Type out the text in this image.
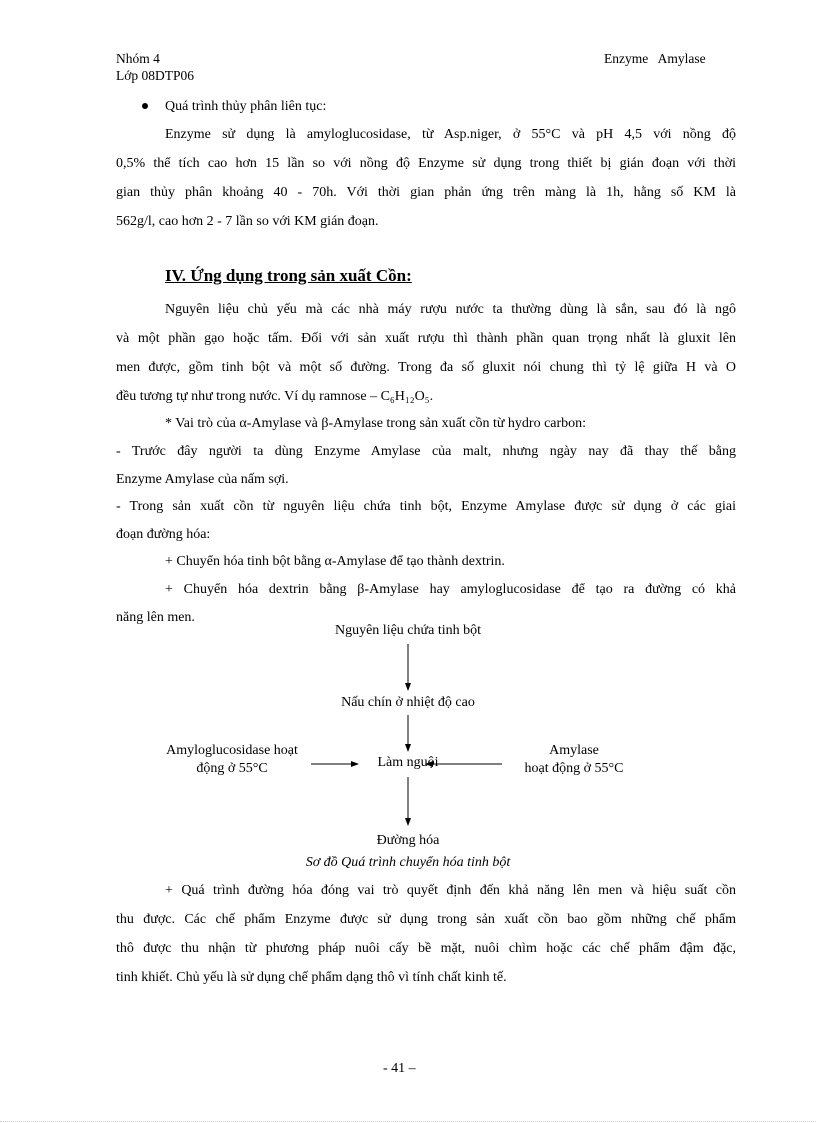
Nhóm 4
Lớp 08DTP06
Enzyme   Amylase
Quá trình thủy phân liên tục:
Enzyme sử dụng là amyloglucosidase, từ Asp.niger, ở 55°C và pH 4,5 với nồng độ
0,5% thể tích cao hơn 15 lần so với nồng độ Enzyme sử dụng trong thiết bị gián đoạn với thời
gian thủy phân khoảng 40 - 70h. Với thời gian phản ứng trên màng là 1h, hằng số KM là
562g/l, cao hơn 2 - 7 lần so với KM gián đoạn.
IV. Ứng dụng trong sản xuất Cồn:
Nguyên liệu chủ yếu mà các nhà máy rượu nước ta thường dùng là sắn, sau đó là ngô
và một phần gạo hoặc tấm. Đối với sản xuất rượu thì thành phần quan trọng nhất là gluxit lên
men được, gồm tinh bột và một số đường. Trong đa số gluxit nói chung thì tỷ lệ giữa H và O
đều tương tự như trong nước. Ví dụ ramnose – C₆H₁₂O₅.
* Vai trò của α-Amylase và β-Amylase trong sản xuất cồn từ hydro carbon:
- Trước đây người ta dùng Enzyme Amylase của malt, nhưng ngày nay đã thay thế bằng
Enzyme Amylase của nấm sợi.
- Trong sản xuất cồn từ nguyên liệu chứa tinh bột, Enzyme Amylase được sử dụng ở các giai
đoạn đường hóa:
+ Chuyển hóa tinh bột bằng α-Amylase để tạo thành dextrin.
+ Chuyển hóa dextrin bằng β-Amylase hay amyloglucosidase để tạo ra đường có khả
năng lên men.
Nguyên liệu chứa tinh bột
Nấu chín ở nhiệt độ cao
Làm nguội
Đường hóa
Amyloglucosidase hoạt
động ở 55°C
Amylase
hoạt động ở 55°C
Sơ đồ Quá trình chuyển hóa tinh bột
+ Quá trình đường hóa đóng vai trò quyết định đến khả năng lên men và hiệu suất cồn
thu được. Các chế phẩm Enzyme được sử dụng trong sản xuất cồn bao gồm những chế phẩm
thô được thu nhận từ phương pháp nuôi cấy bề mặt, nuôi chìm hoặc các chế phẩm đậm đặc,
tinh khiết. Chủ yếu là sử dụng chế phẩm dạng thô vì tính chất kinh tế.
- 41 –
